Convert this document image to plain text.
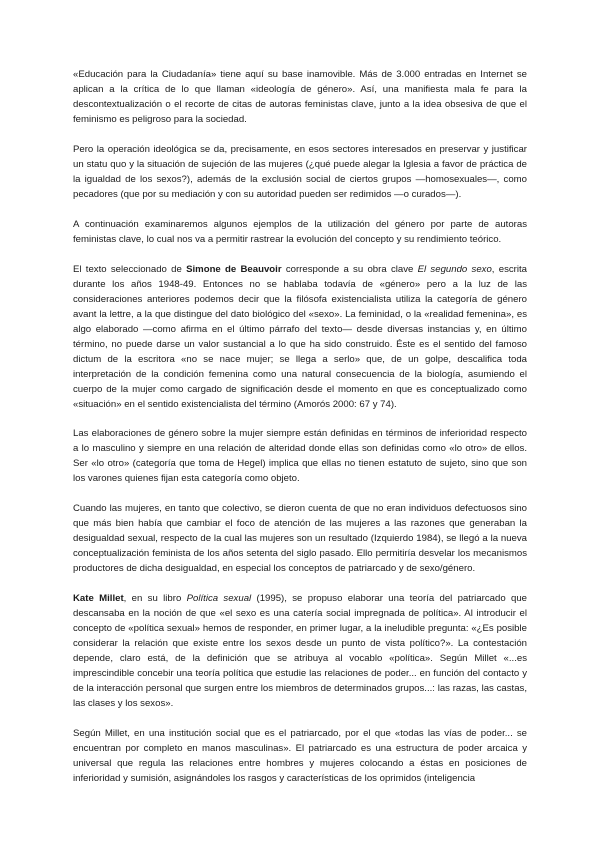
«Educación para la Ciudadanía» tiene aquí su base inamovible. Más de 3.000 entradas en Internet se aplican a la crítica de lo que llaman «ideología de género». Así, una manifiesta mala fe para la descontextualización o el recorte de citas de autoras feministas clave, junto a la idea obsesiva de que el feminismo es peligroso para la sociedad.

Pero la operación ideológica se da, precisamente, en esos sectores interesados en preservar y justificar un statu quo y la situación de sujeción de las mujeres (¿qué puede alegar la Iglesia a favor de práctica de la igualdad de los sexos?), además de la exclusión social de ciertos grupos —homosexuales—, como pecadores (que por su mediación y con su autoridad pueden ser redimidos —o curados—).

A continuación examinaremos algunos ejemplos de la utilización del género por parte de autoras feministas clave, lo cual nos va a permitir rastrear la evolución del concepto y su rendimiento teórico.

El texto seleccionado de Simone de Beauvoir corresponde a su obra clave El segundo sexo, escrita durante los años 1948-49. Entonces no se hablaba todavía de «género» pero a la luz de las consideraciones anteriores podemos decir que la filósofa existencialista utiliza la categoría de género avant la lettre, a la que distingue del dato biológico del «sexo». La feminidad, o la «realidad femenina», es algo elaborado —como afirma en el último párrafo del texto— desde diversas instancias y, en último término, no puede darse un valor sustancial a lo que ha sido construido. Éste es el sentido del famoso dictum de la escritora «no se nace mujer; se llega a serlo» que, de un golpe, descalifica toda interpretación de la condición femenina como una natural consecuencia de la biología, asumiendo el cuerpo de la mujer como cargado de significación desde el momento en que es conceptualizado como «situación» en el sentido existencialista del término (Amorós 2000: 67 y 74).

Las elaboraciones de género sobre la mujer siempre están definidas en términos de inferioridad respecto a lo masculino y siempre en una relación de alteridad donde ellas son definidas como «lo otro» de ellos. Ser «lo otro» (categoría que toma de Hegel) implica que ellas no tienen estatuto de sujeto, sino que son los varones quienes fijan esta categoría como objeto.

Cuando las mujeres, en tanto que colectivo, se dieron cuenta de que no eran individuos defectuosos sino que más bien había que cambiar el foco de atención de las mujeres a las razones que generaban la desigualdad sexual, respecto de la cual las mujeres son un resultado (Izquierdo 1984), se llegó a la nueva conceptualización feminista de los años setenta del siglo pasado. Ello permitiría desvelar los mecanismos productores de dicha desigualdad, en especial los conceptos de patriarcado y de sexo/género.

Kate Millet, en su libro Política sexual (1995), se propuso elaborar una teoría del patriarcado que descansaba en la noción de que «el sexo es una catería social impregnada de política». Al introducir el concepto de «política sexual» hemos de responder, en primer lugar, a la ineludible pregunta: «¿Es posible considerar la relación que existe entre los sexos desde un punto de vista político?». La contestación depende, claro está, de la definición que se atribuya al vocablo «política». Según Millet «...es imprescindible concebir una teoría política que estudie las relaciones de poder... en función del contacto y de la interacción personal que surgen entre los miembros de determinados grupos...: las razas, las castas, las clases y los sexos».

Según Millet, en una institución social que es el patriarcado, por el que «todas las vías de poder... se encuentran por completo en manos masculinas». El patriarcado es una estructura de poder arcaica y universal que regula las relaciones entre hombres y mujeres colocando a éstas en posiciones de inferioridad y sumisión, asignándoles los rasgos y características de los oprimidos (inteligencia
